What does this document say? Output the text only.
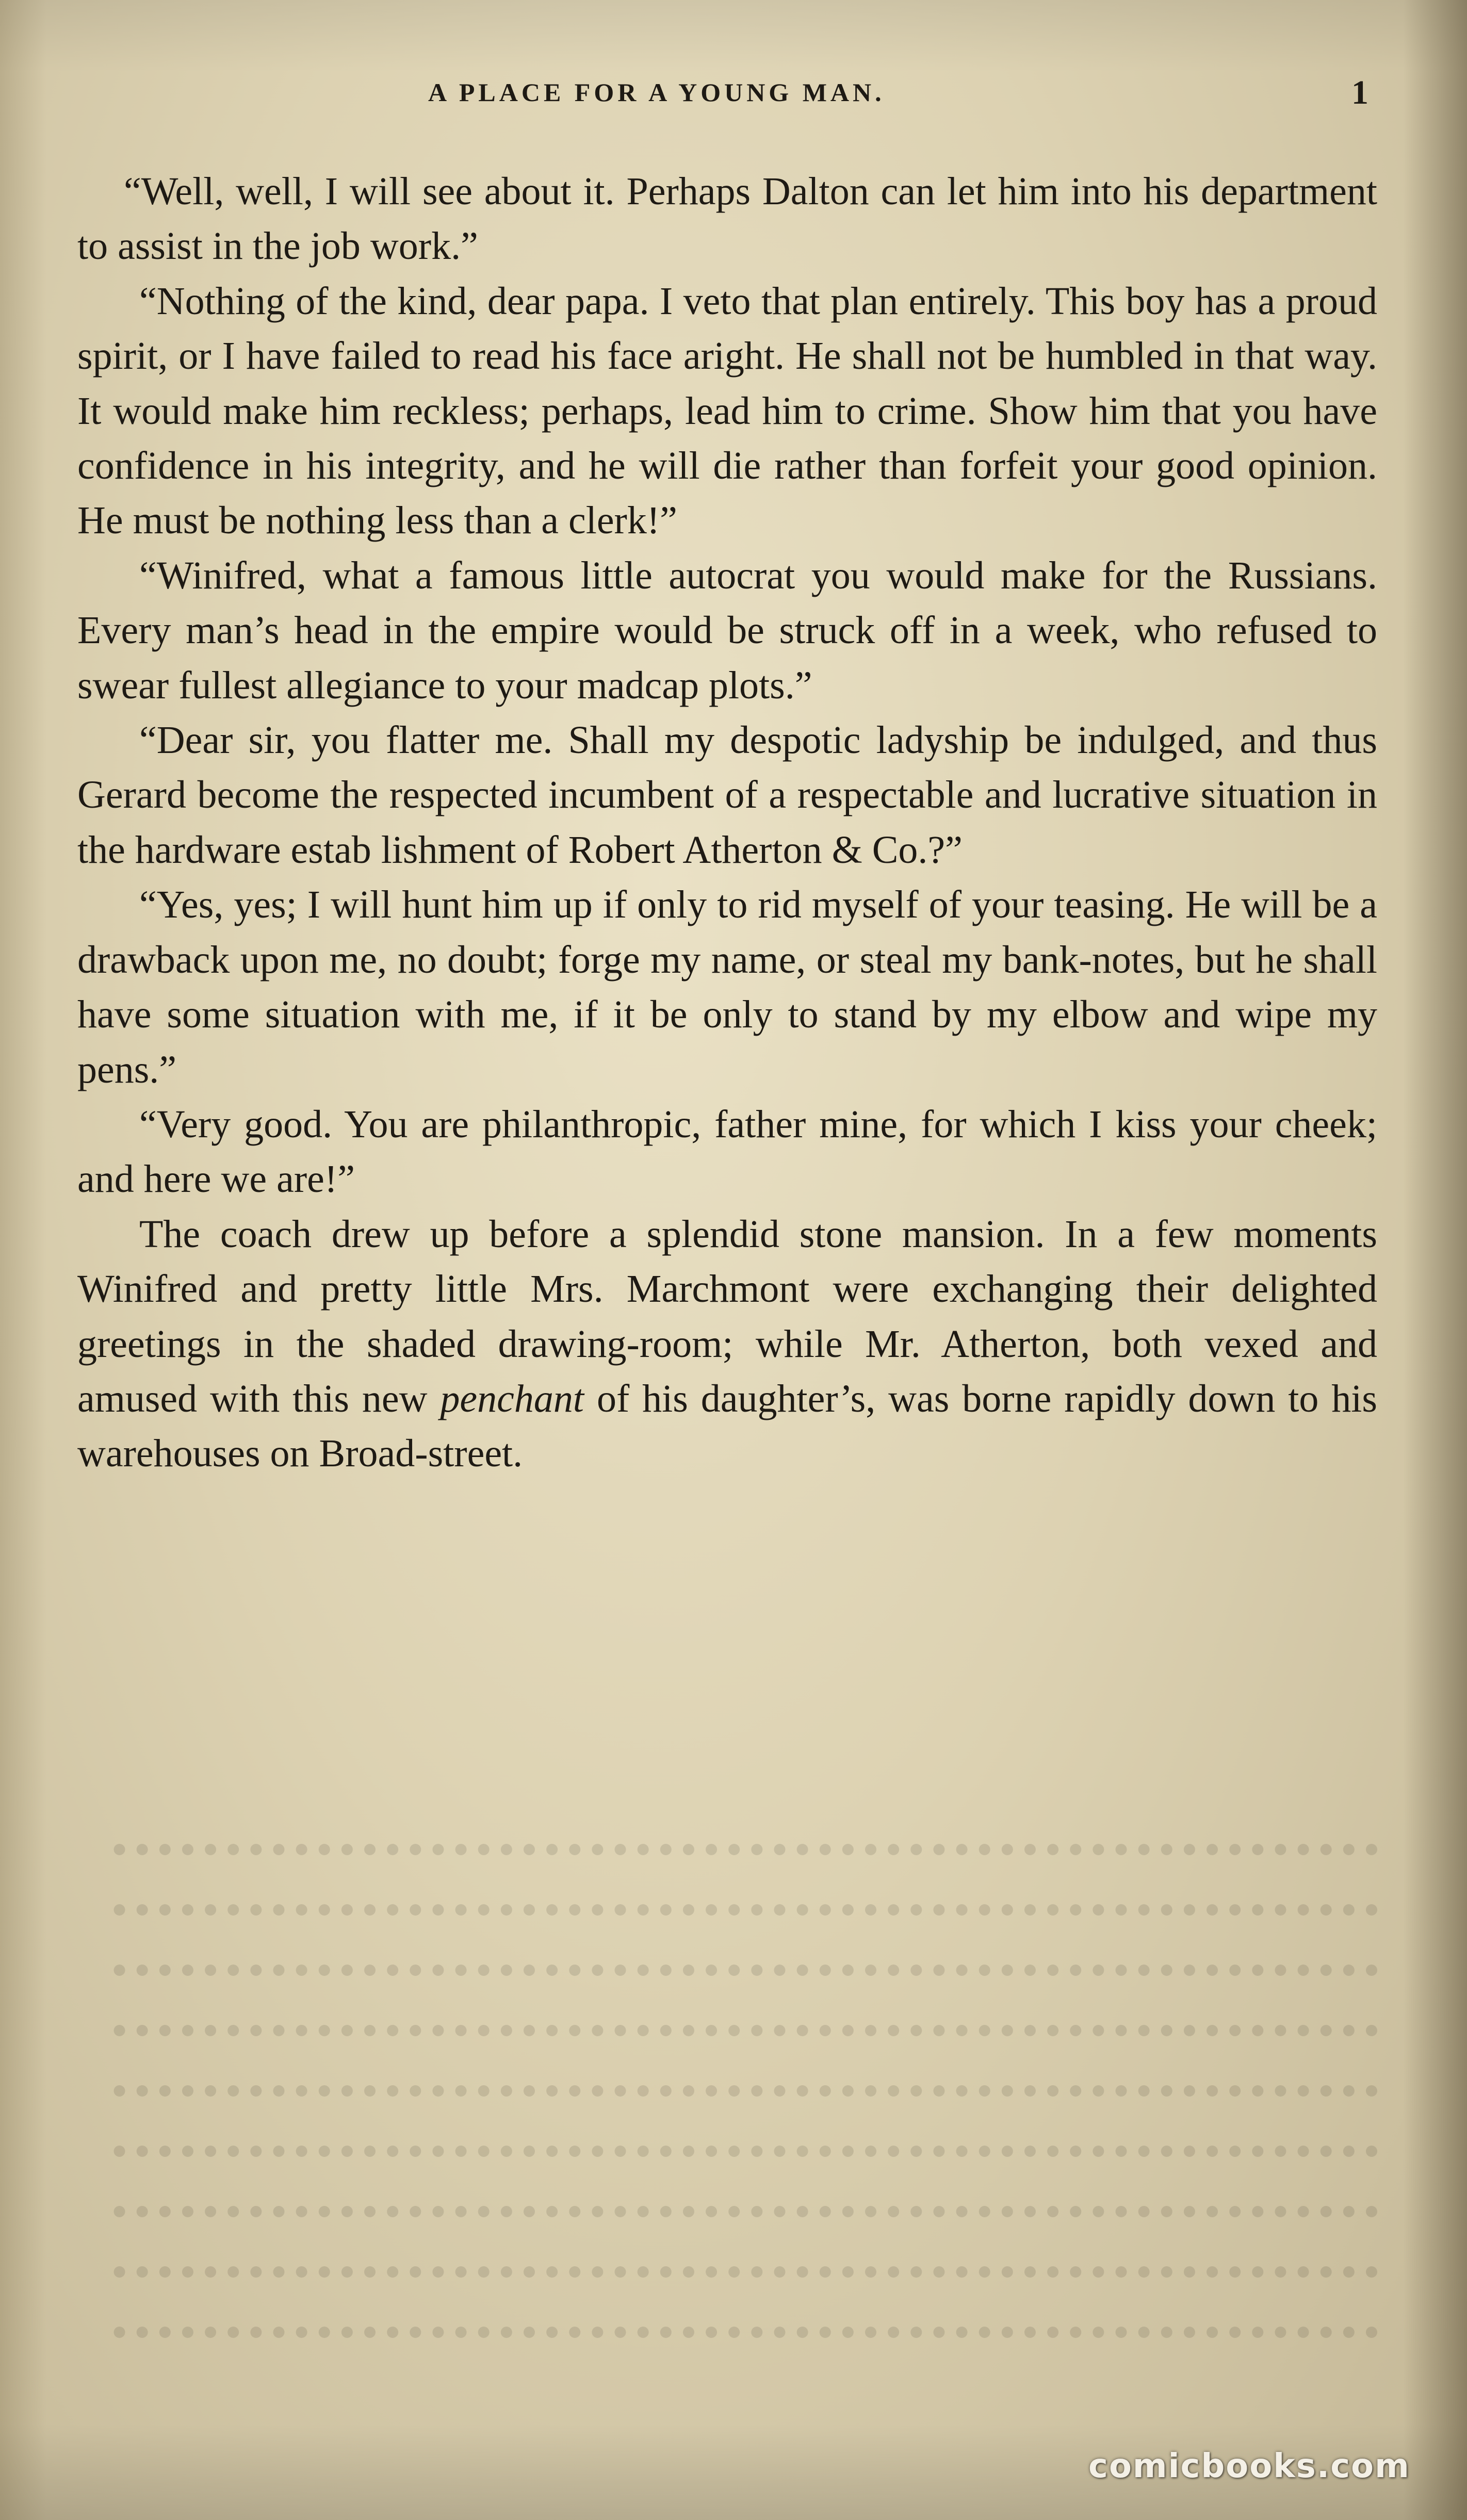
A PLACE FOR A YOUNG MAN.	1

“Well, well, I will see about it. Perhaps Dalton can let him into his department to assist in the job work.”

“Nothing of the kind, dear papa. I veto that plan entirely. This boy has a proud spirit, or I have failed to read his face aright. He shall not be humbled in that way. It would make him reckless; perhaps, lead him to crime. Show him that you have confidence in his integrity, and he will die rather than forfeit your good opinion. He must be nothing less than a clerk!”

“Winifred, what a famous little autocrat you would make for the Russians. Every man’s head in the empire would be struck off in a week, who refused to swear fullest allegiance to your madcap plots.”

“Dear sir, you flatter me. Shall my despotic ladyship be indulged, and thus Gerard become the respected incumbent of a respectable and lucrative situation in the hardware estab lishment of Robert Atherton & Co.?”

“Yes, yes; I will hunt him up if only to rid myself of your teasing. He will be a drawback upon me, no doubt; forge my name, or steal my bank-notes, but he shall have some situation with me, if it be only to stand by my elbow and wipe my pens.”

“Very good. You are philanthropic, father mine, for which I kiss your cheek; and here we are!”

The coach drew up before a splendid stone mansion. In a few moments Winifred and pretty little Mrs. Marchmont were exchanging their delighted greetings in the shaded drawing-room; while Mr. Atherton, both vexed and amused with this new penchant of his daughter’s, was borne rapidly down to his warehouses on Broad-street.

comicbooks.com
